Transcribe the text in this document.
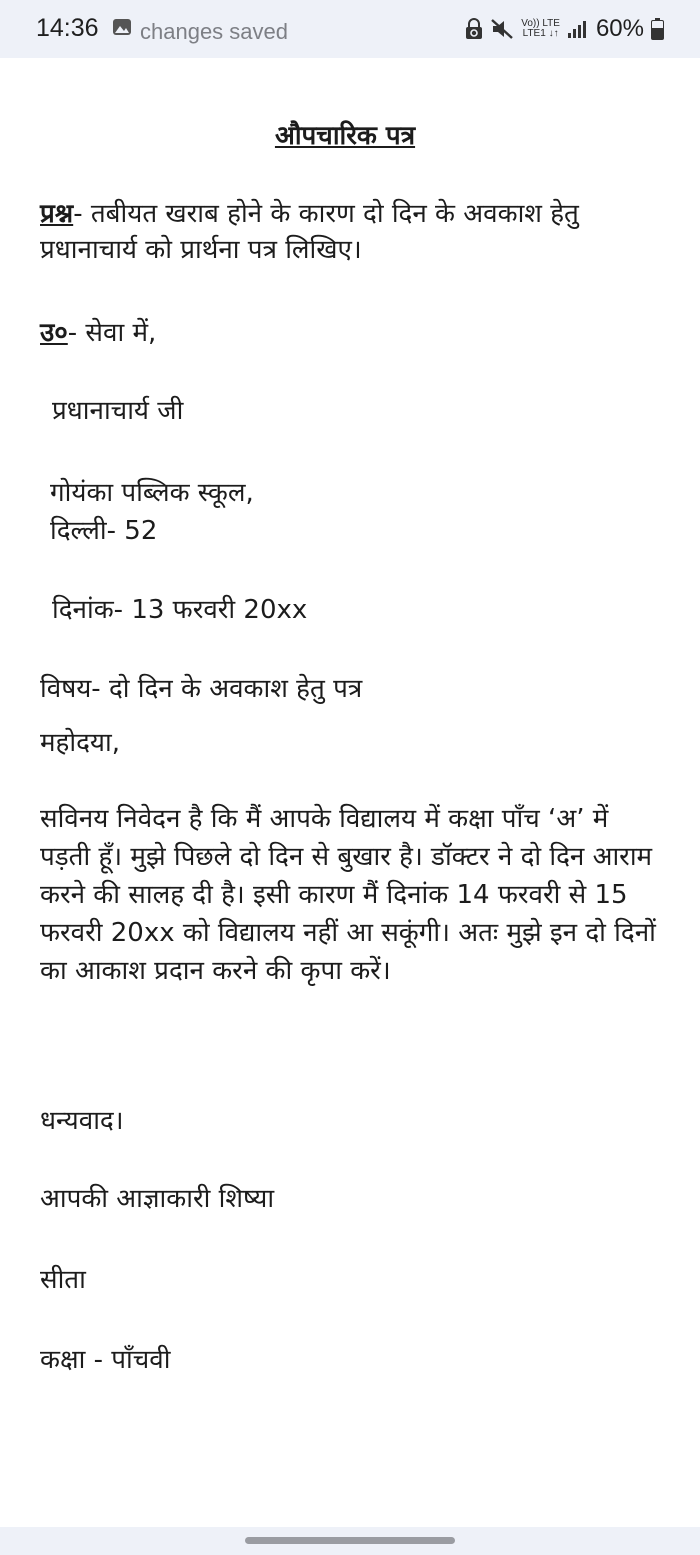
14:36 changes saved	Vo)) LTE
LTE1 ↓↑ 60%
औपचारिक पत्र

प्रश्न- तबीयत खराब होने के कारण दो दिन के अवकाश हेतु प्रधानाचार्य को प्रार्थना पत्र लिखिए।

उ०- सेवा में,

प्रधानाचार्य जी

गोयंका पब्लिक स्कूल,

दिल्ली- 52

दिनांक- 13 फरवरी 20xx

विषय- दो दिन के अवकाश हेतु पत्र

महोदया,

सविनय निवेदन है कि मैं आपके विद्यालय में कक्षा पाँच ‘अ’ में पड़ती हूँ। मुझे पिछले दो दिन से बुखार है। डॉक्टर ने दो दिन आराम करने की सालह दी है। इसी कारण मैं दिनांक 14 फरवरी से 15 फरवरी 20xx को विद्यालय नहीं आ सकूंगी। अतः मुझे इन दो दिनों का आकाश प्रदान करने की कृपा करें।

धन्यवाद।

आपकी आज्ञाकारी शिष्या

सीता

कक्षा - पाँचवी
